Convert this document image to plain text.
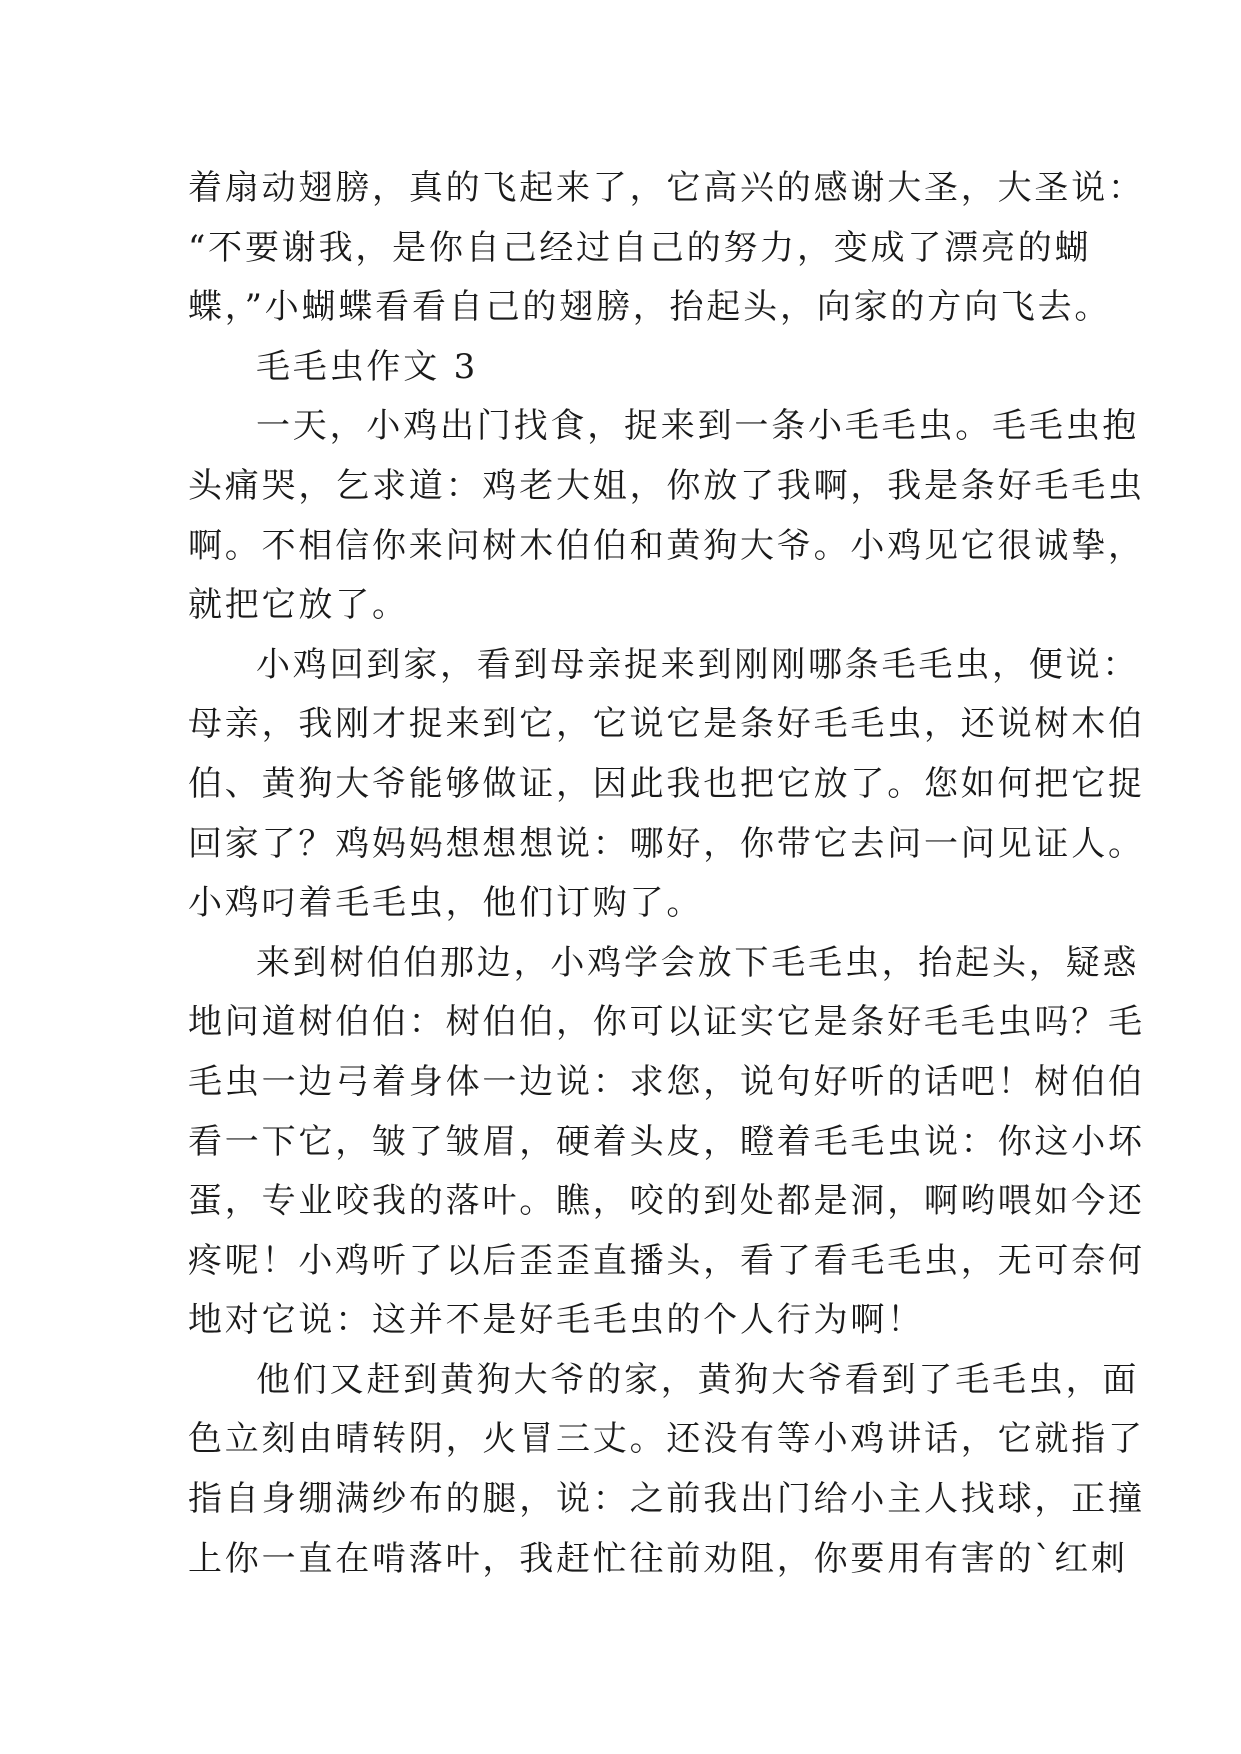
着扇动翅膀，真的飞起来了，它高兴的感谢大圣，大圣说：

“不要谢我，是你自己经过自己的努力，变成了漂亮的蝴

蝶，”小蝴蝶看看自己的翅膀，抬起头，向家的方向飞去。

毛毛虫作文 3

一天，小鸡出门找食，捉来到一条小毛毛虫。毛毛虫抱

头痛哭，乞求道：鸡老大姐，你放了我啊，我是条好毛毛虫

啊。不相信你来问树木伯伯和黄狗大爷。小鸡见它很诚挚，

就把它放了。

小鸡回到家，看到母亲捉来到刚刚哪条毛毛虫，便说：

母亲，我刚才捉来到它，它说它是条好毛毛虫，还说树木伯

伯、黄狗大爷能够做证，因此我也把它放了。您如何把它捉

回家了？鸡妈妈想想想说：哪好，你带它去问一问见证人。

小鸡叼着毛毛虫，他们订购了。

来到树伯伯那边，小鸡学会放下毛毛虫，抬起头，疑惑

地问道树伯伯：树伯伯，你可以证实它是条好毛毛虫吗？毛

毛虫一边弓着身体一边说：求您，说句好听的话吧！树伯伯

看一下它，皱了皱眉，硬着头皮，瞪着毛毛虫说：你这小坏

蛋，专业咬我的落叶。瞧，咬的到处都是洞，啊哟喂如今还

疼呢！小鸡听了以后歪歪直播头，看了看毛毛虫，无可奈何

地对它说：这并不是好毛毛虫的个人行为啊！

他们又赶到黄狗大爷的家，黄狗大爷看到了毛毛虫，面

色立刻由晴转阴，火冒三丈。还没有等小鸡讲话，它就指了

指自身绷满纱布的腿，说：之前我出门给小主人找球，正撞

上你一直在啃落叶，我赶忙往前劝阻，你要用有害的`红刺
